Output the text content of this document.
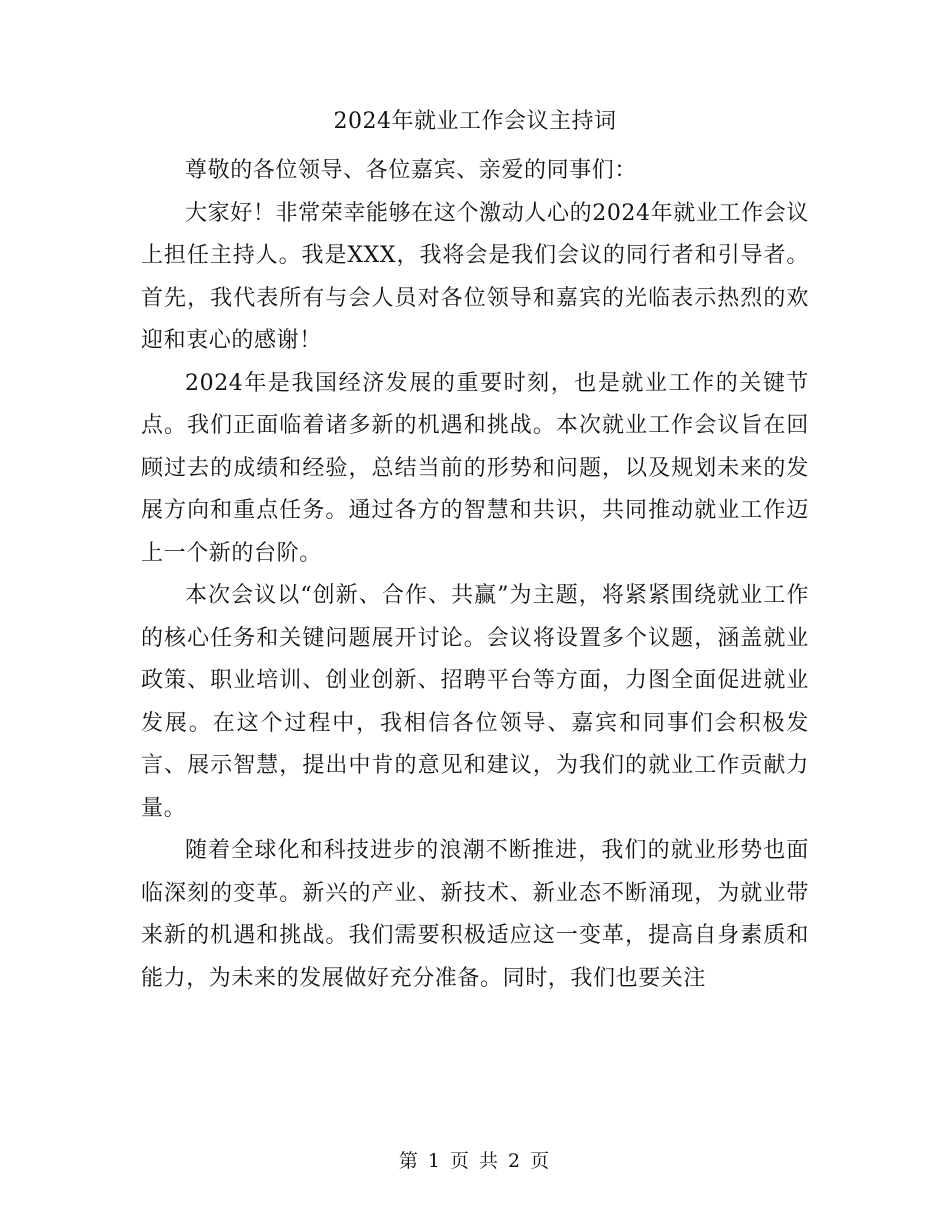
2024年就业工作会议主持词

尊敬的各位领导、各位嘉宾、亲爱的同事们：

大家好！非常荣幸能够在这个激动人心的2024年就业工作会议上担任主持人。我是XXX，我将会是我们会议的同行者和引导者。首先，我代表所有与会人员对各位领导和嘉宾的光临表示热烈的欢迎和衷心的感谢！

2024年是我国经济发展的重要时刻，也是就业工作的关键节点。我们正面临着诸多新的机遇和挑战。本次就业工作会议旨在回顾过去的成绩和经验，总结当前的形势和问题，以及规划未来的发展方向和重点任务。通过各方的智慧和共识，共同推动就业工作迈上一个新的台阶。

本次会议以“创新、合作、共赢”为主题，将紧紧围绕就业工作的核心任务和关键问题展开讨论。会议将设置多个议题，涵盖就业政策、职业培训、创业创新、招聘平台等方面，力图全面促进就业发展。在这个过程中，我相信各位领导、嘉宾和同事们会积极发言、展示智慧，提出中肯的意见和建议，为我们的就业工作贡献力量。

随着全球化和科技进步的浪潮不断推进，我们的就业形势也面临深刻的变革。新兴的产业、新技术、新业态不断涌现，为就业带来新的机遇和挑战。我们需要积极适应这一变革，提高自身素质和能力，为未来的发展做好充分准备。同时，我们也要关注

第 1 页 共 2 页
